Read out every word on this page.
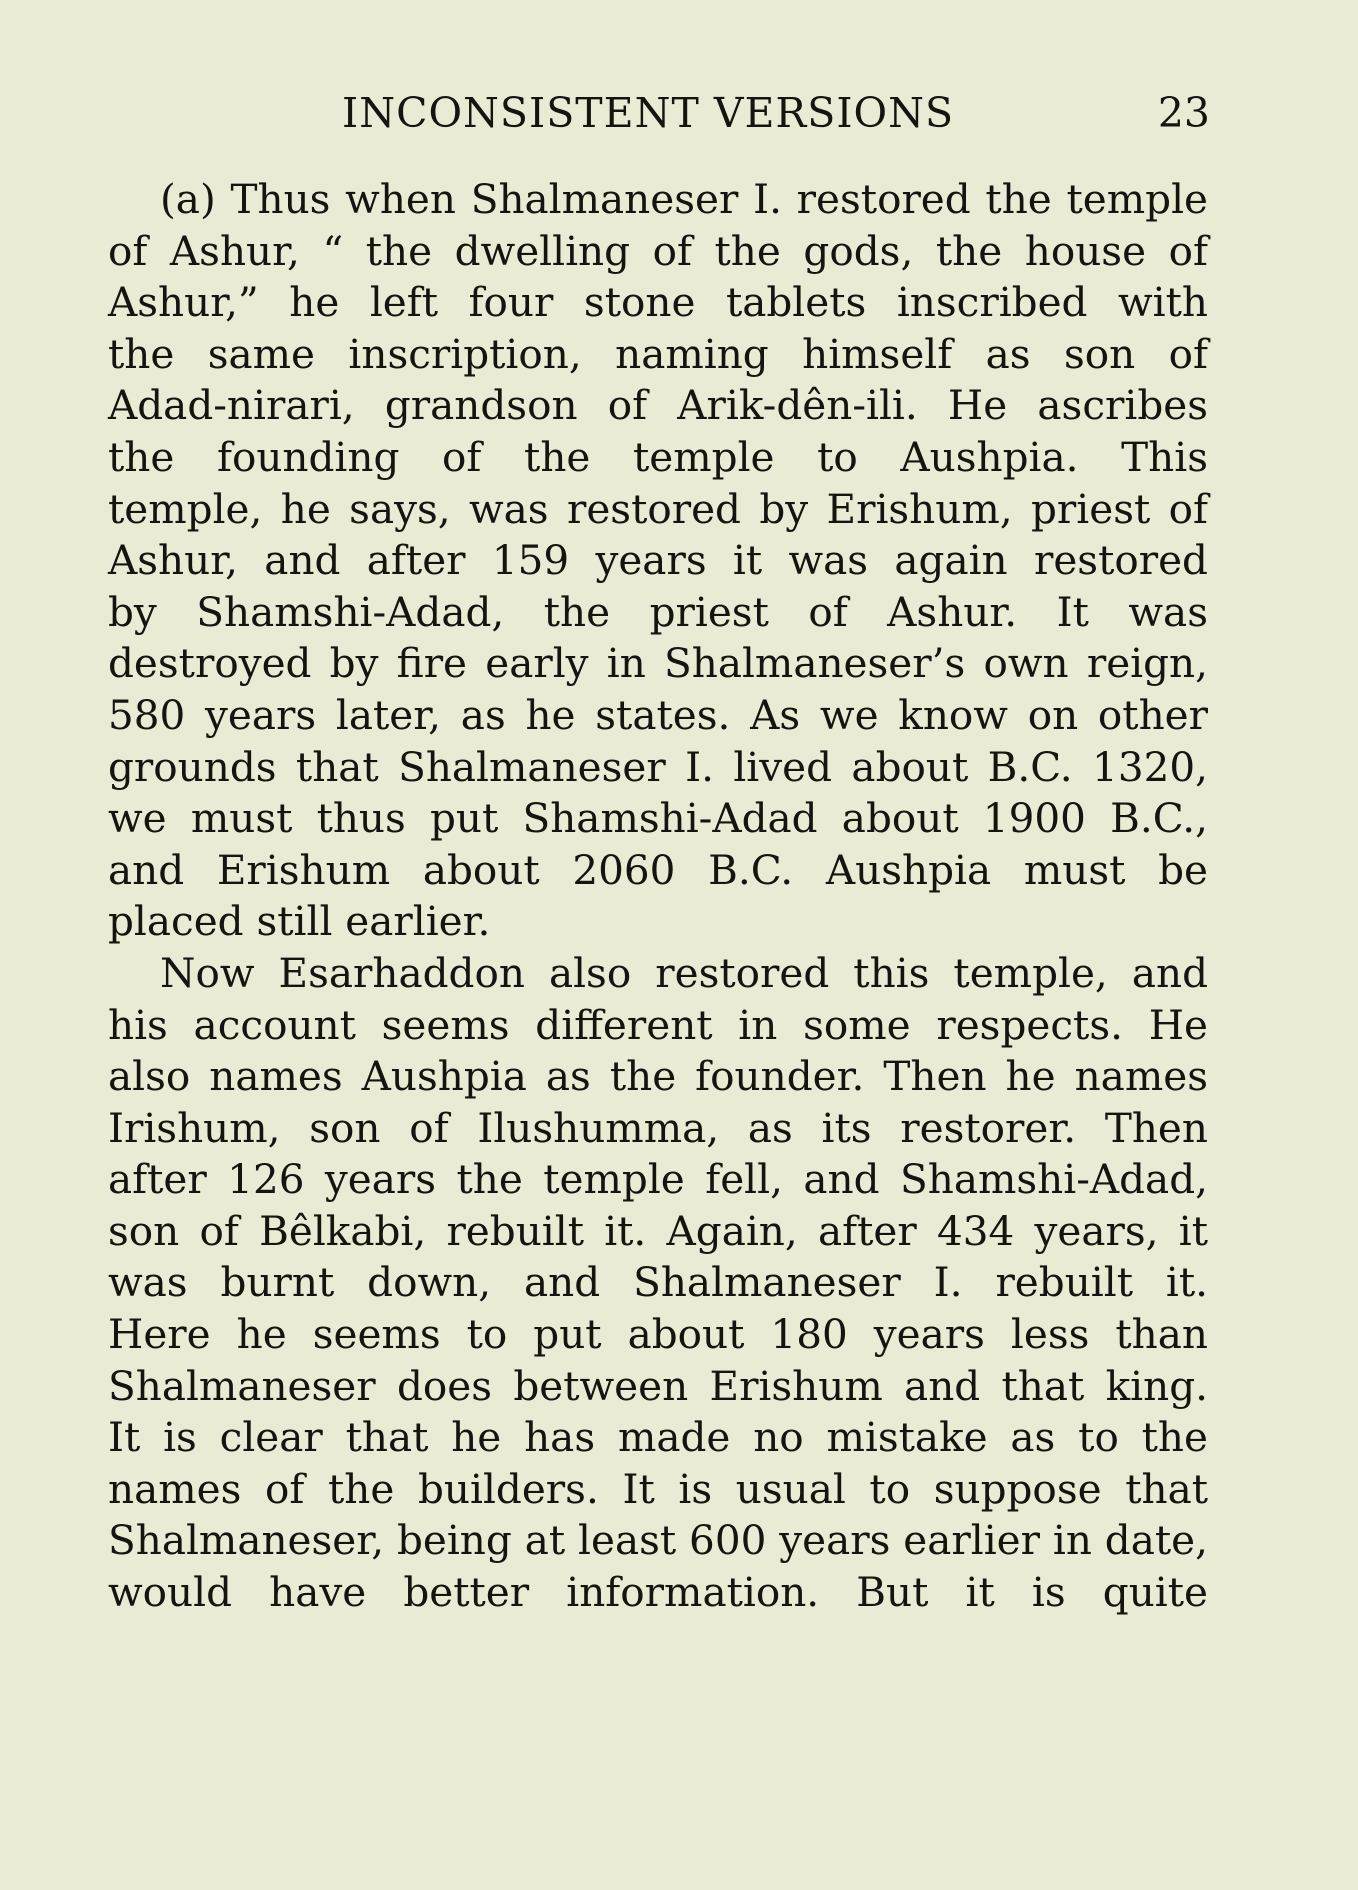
INCONSISTENT VERSIONS	23

(a) Thus when Shalmaneser I. restored the temple
of Ashur, “ the dwelling of the gods, the house of
Ashur,” he left four stone tablets inscribed with
the same inscription, naming himself as son of
Adad-nirari, grandson of Arik-dên-ili. He ascribes
the founding of the temple to Aushpia. This
temple, he says, was restored by Erishum, priest of
Ashur, and after 159 years it was again restored
by Shamshi-Adad, the priest of Ashur. It was
destroyed by fire early in Shalmaneser’s own reign,
580 years later, as he states. As we know on other
grounds that Shalmaneser I. lived about B.C. 1320,
we must thus put Shamshi-Adad about 1900 B.C.,
and Erishum about 2060 B.C. Aushpia must be
placed still earlier.

Now Esarhaddon also restored this temple, and
his account seems different in some respects. He
also names Aushpia as the founder. Then he names
Irishum, son of Ilushumma, as its restorer. Then
after 126 years the temple fell, and Shamshi-Adad,
son of Bêlkabi, rebuilt it. Again, after 434 years, it
was burnt down, and Shalmaneser I. rebuilt it.
Here he seems to put about 180 years less than
Shalmaneser does between Erishum and that king.
It is clear that he has made no mistake as to the
names of the builders. It is usual to suppose that
Shalmaneser, being at least 600 years earlier in date,
would have better information. But it is quite
